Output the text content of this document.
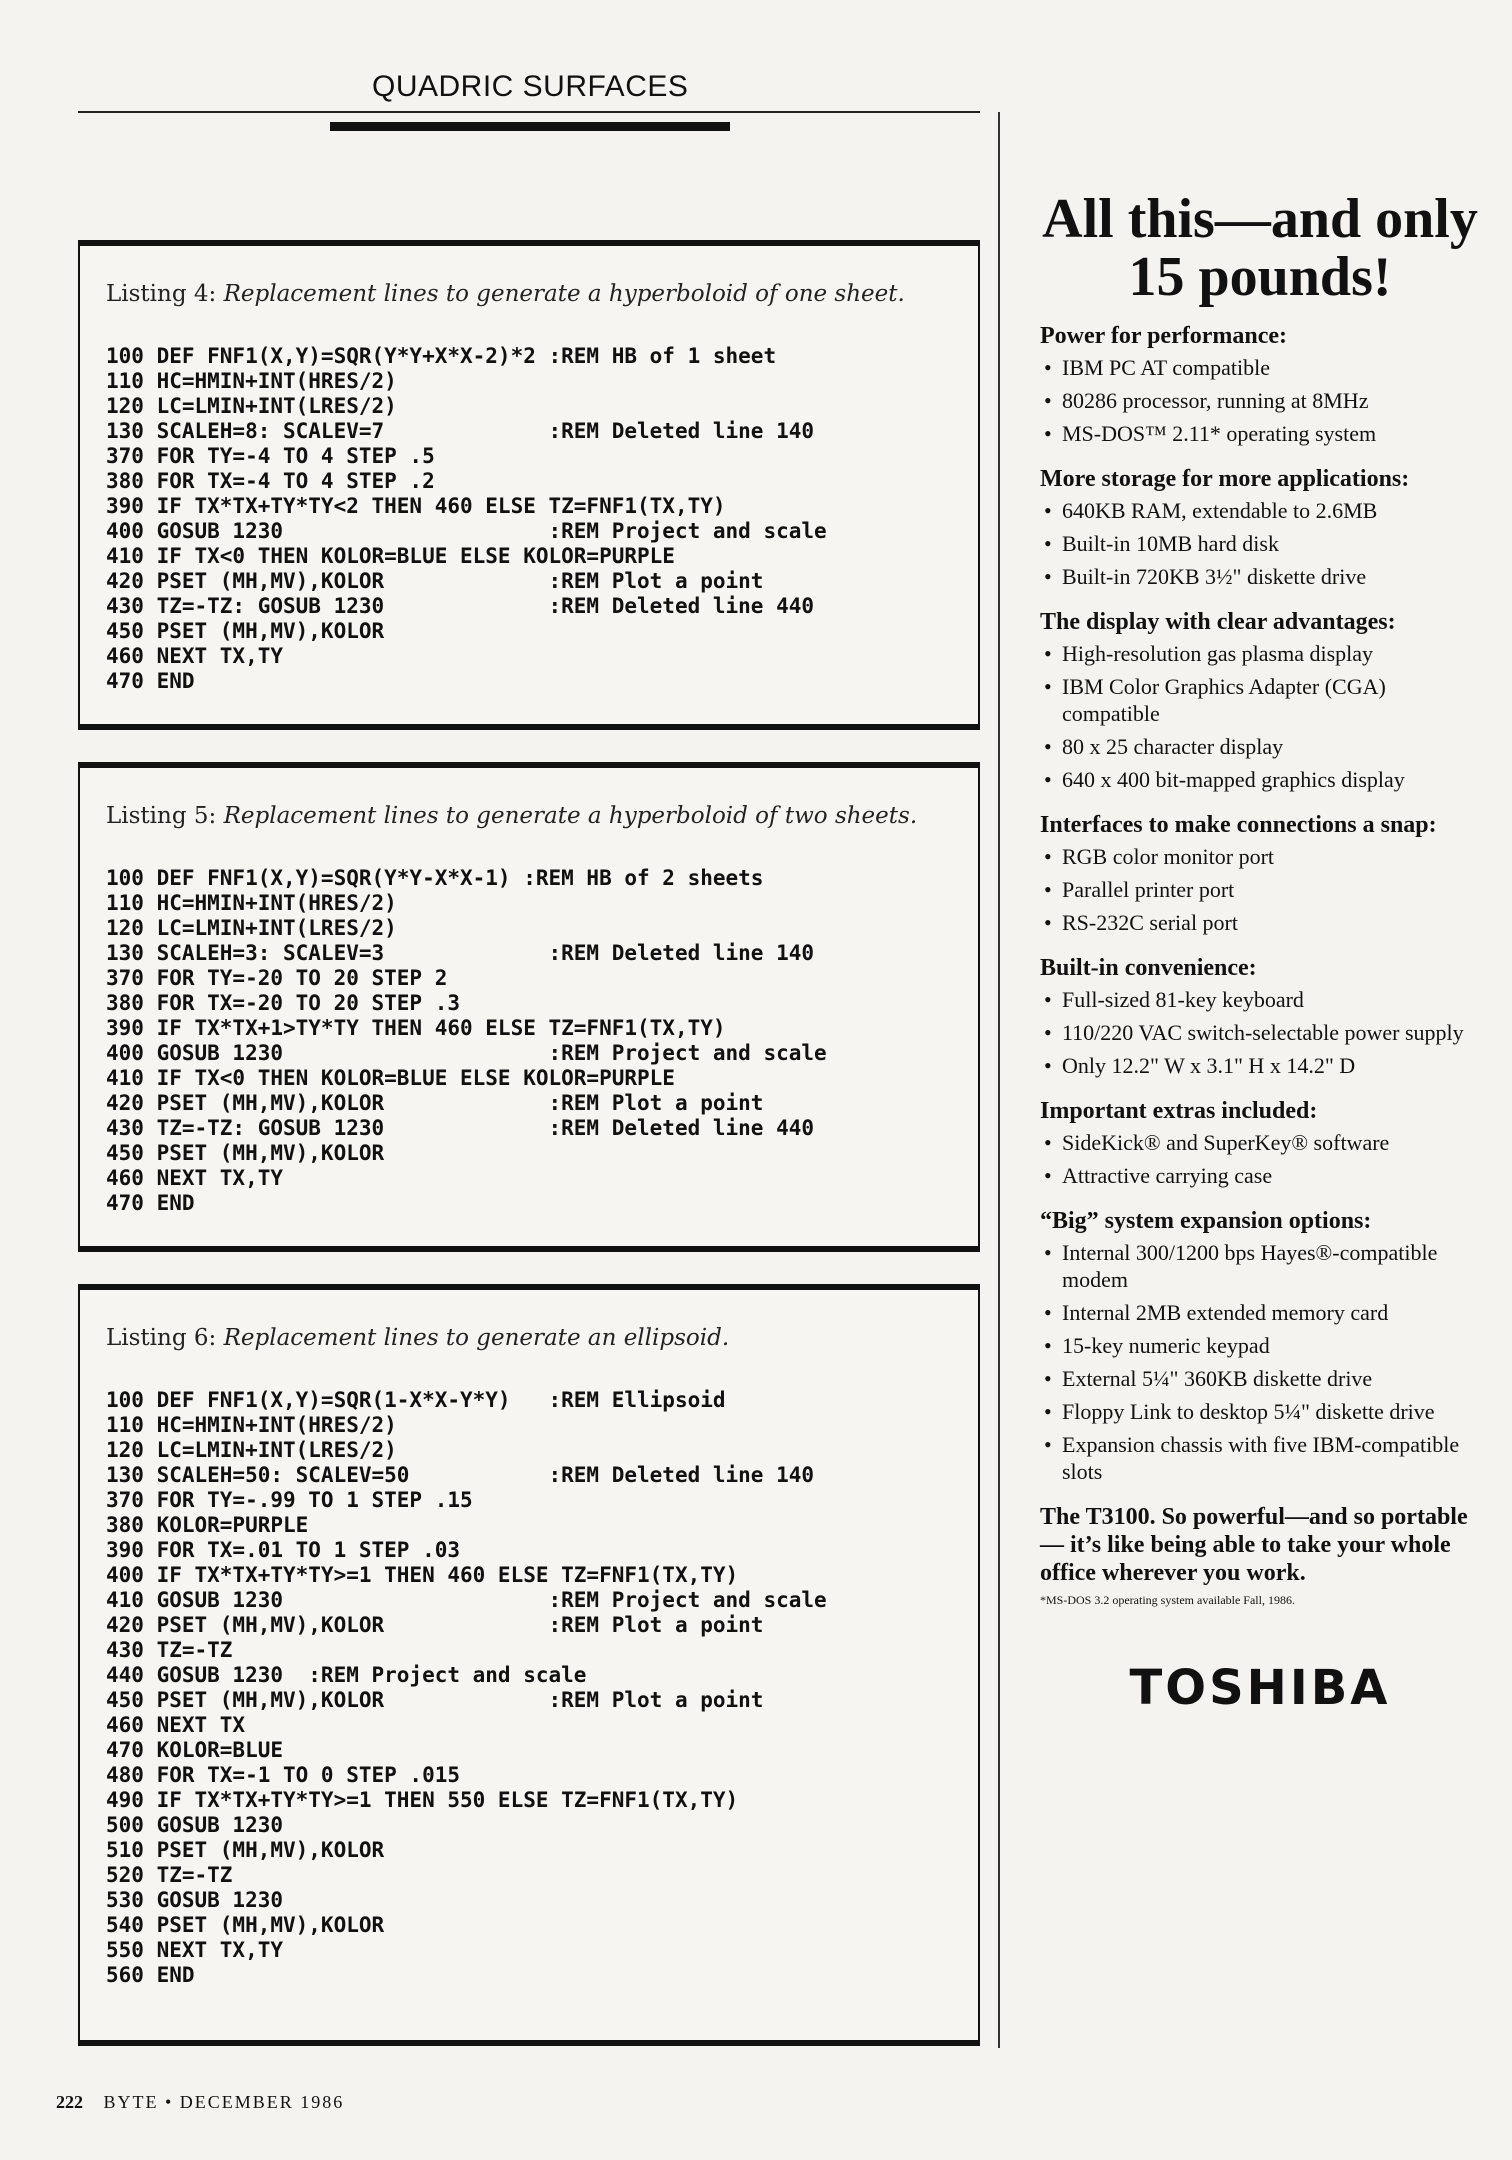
QUADRIC SURFACES
Listing 4: Replacement lines to generate a hyperboloid of one sheet.
100 DEF FNF1(X,Y)=SQR(Y*Y+X*X-2)*2 :REM HB of 1 sheet
110 HC=HMIN+INT(HRES/2)
120 LC=LMIN+INT(LRES/2)
130 SCALEH=8: SCALEV=7             :REM Deleted line 140
370 FOR TY=-4 TO 4 STEP .5
380 FOR TX=-4 TO 4 STEP .2
390 IF TX*TX+TY*TY<2 THEN 460 ELSE TZ=FNF1(TX,TY)
400 GOSUB 1230                     :REM Project and scale
410 IF TX<0 THEN KOLOR=BLUE ELSE KOLOR=PURPLE
420 PSET (MH,MV),KOLOR             :REM Plot a point
430 TZ=-TZ: GOSUB 1230             :REM Deleted line 440
450 PSET (MH,MV),KOLOR
460 NEXT TX,TY
470 END
Listing 5: Replacement lines to generate a hyperboloid of two sheets.
100 DEF FNF1(X,Y)=SQR(Y*Y-X*X-1) :REM HB of 2 sheets
110 HC=HMIN+INT(HRES/2)
120 LC=LMIN+INT(LRES/2)
130 SCALEH=3: SCALEV=3             :REM Deleted line 140
370 FOR TY=-20 TO 20 STEP 2
380 FOR TX=-20 TO 20 STEP .3
390 IF TX*TX+1>TY*TY THEN 460 ELSE TZ=FNF1(TX,TY)
400 GOSUB 1230                     :REM Project and scale
410 IF TX<0 THEN KOLOR=BLUE ELSE KOLOR=PURPLE
420 PSET (MH,MV),KOLOR             :REM Plot a point
430 TZ=-TZ: GOSUB 1230             :REM Deleted line 440
450 PSET (MH,MV),KOLOR
460 NEXT TX,TY
470 END
Listing 6: Replacement lines to generate an ellipsoid.
100 DEF FNF1(X,Y)=SQR(1-X*X-Y*Y)   :REM Ellipsoid
110 HC=HMIN+INT(HRES/2)
120 LC=LMIN+INT(LRES/2)
130 SCALEH=50: SCALEV=50           :REM Deleted line 140
370 FOR TY=-.99 TO 1 STEP .15
380 KOLOR=PURPLE
390 FOR TX=.01 TO 1 STEP .03
400 IF TX*TX+TY*TY>=1 THEN 460 ELSE TZ=FNF1(TX,TY)
410 GOSUB 1230                     :REM Project and scale
420 PSET (MH,MV),KOLOR             :REM Plot a point
430 TZ=-TZ
440 GOSUB 1230  :REM Project and scale
450 PSET (MH,MV),KOLOR             :REM Plot a point
460 NEXT TX
470 KOLOR=BLUE
480 FOR TX=-1 TO 0 STEP .015
490 IF TX*TX+TY*TY>=1 THEN 550 ELSE TZ=FNF1(TX,TY)
500 GOSUB 1230
510 PSET (MH,MV),KOLOR
520 TZ=-TZ
530 GOSUB 1230
540 PSET (MH,MV),KOLOR
550 NEXT TX,TY
560 END
All this—and only 15 pounds!
Power for performance:
• IBM PC AT compatible
• 80286 processor, running at 8MHz
• MS-DOS™ 2.11* operating system
More storage for more applications:
• 640KB RAM, extendable to 2.6MB
• Built-in 10MB hard disk
• Built-in 720KB 3½" diskette drive
The display with clear advantages:
• High-resolution gas plasma display
• IBM Color Graphics Adapter (CGA) compatible
• 80 x 25 character display
• 640 x 400 bit-mapped graphics display
Interfaces to make connections a snap:
• RGB color monitor port
• Parallel printer port
• RS-232C serial port
Built-in convenience:
• Full-sized 81-key keyboard
• 110/220 VAC switch-selectable power supply
• Only 12.2" W x 3.1" H x 14.2" D
Important extras included:
• SideKick® and SuperKey® software
• Attractive carrying case
“Big” system expansion options:
• Internal 300/1200 bps Hayes®-compatible modem
• Internal 2MB extended memory card
• 15-key numeric keypad
• External 5¼" 360KB diskette drive
• Floppy Link to desktop 5¼" diskette drive
• Expansion chassis with five IBM-compatible slots

The T3100. So powerful—and so portable— it’s like being able to take your whole office wherever you work.

*MS-DOS 3.2 operating system available Fall, 1986.

TOSHIBA
222 BYTE • DECEMBER 1986
